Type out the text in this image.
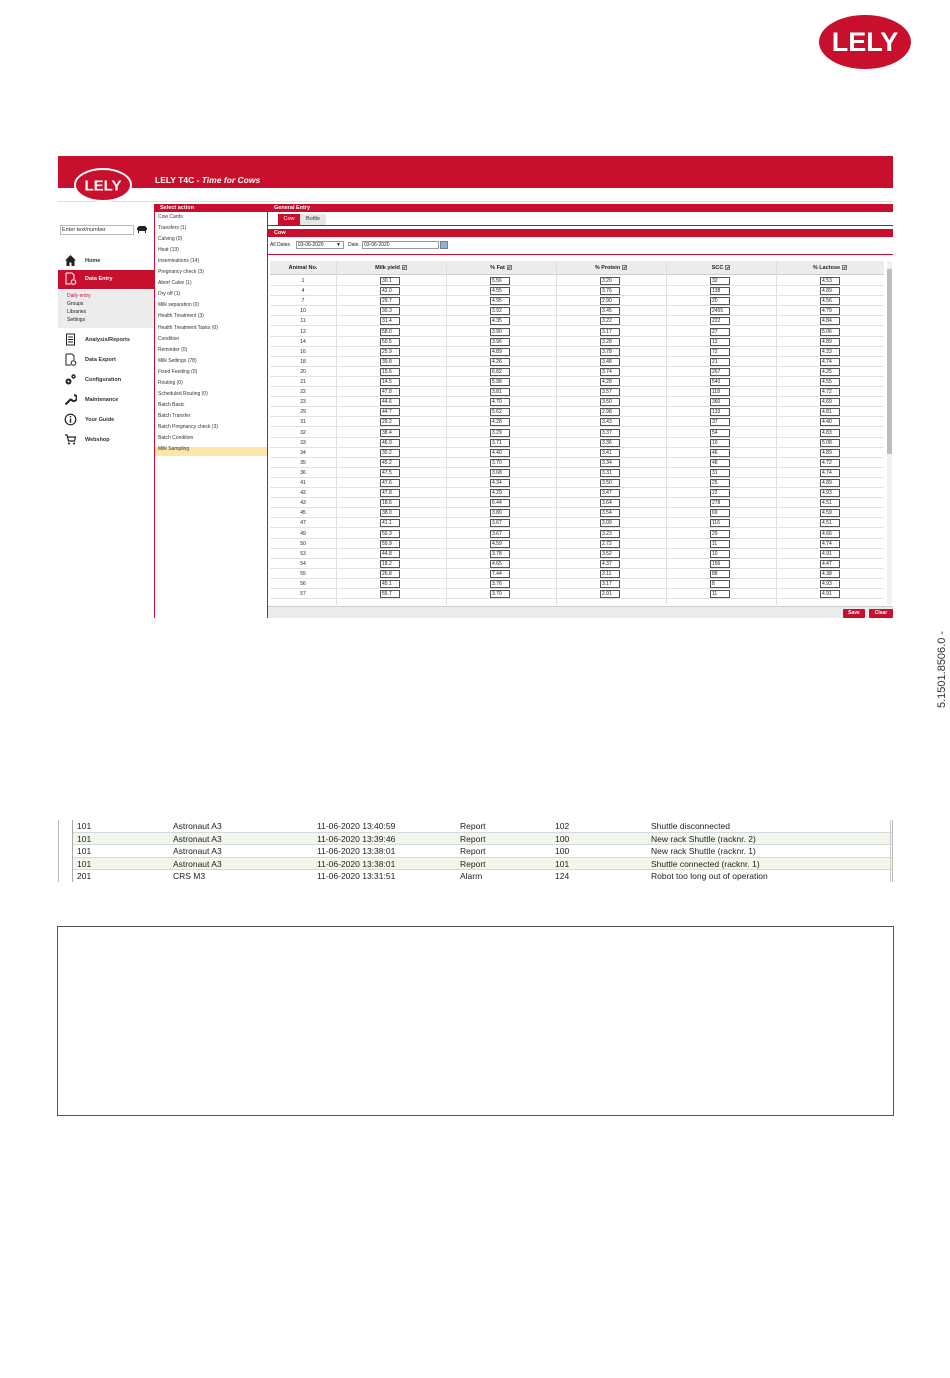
LELY
5.1501.8506.0 -
LELY	LELY T4C - Time for Cows
Enter text/number
Home
Data Entry
Daily entry
Groups
Libraries
Settings
Analysis/Reports
Data Export
Configuration
Maintenance
Your Guide
Webshop
Select action
Cow Cards
Transfers (1)
Calving (0)
Heat (13)
Inseminations (14)
Pregnancy check (3)
Abort Calve (1)
Dry off (1)
Milk separation (0)
Health Treatment (3)
Health Treatment Tasks (0)
Condition
Reminder (0)
Milk Settings (78)
Fixed Feeding (0)
Routing (0)
Scheduled Routing (0)
Batch Basic
Batch Transfer
Batch Pregnancy check (3)
Batch Condition
Milk Sampling
General Entry
Cow	Bottle
Cow
All Dates	03-06-2020 ▼ Date	03-06-2020
Animal No.	Milk yield ✔	% Fat ✔	% Protein ✔	SCC ✔	% Lactose ✔
1	30.1	5.56	3.20	32	4.53
4	42.0	4.55	3.76	138	4.89
7	29.7	4.95	2.90	20	4.56
10	30.3	3.92	3.45	2455	4.79
11	31.4	4.35	3.22	222	4.84
12	58.0	3.90	3.17	27	5.06
14	50.5	3.96	3.28	13	4.89
16	25.9	4.89	3.78	72	4.33
18	39.8	4.26	3.48	21	4.74
20	15.6	6.82	3.74	267	4.25
21	14.5	5.98	4.28	540	4.55
22	47.8	3.81	3.57	118	4.72
23	44.6	4.70	3.50	360	4.69
29	44.7	5.62	2.98	133	4.81
31	29.2	4.28	3.43	37	4.40
32	38.4	3.29	3.37	54	4.83
33	46.9	3.71	3.36	10	5.08
34	30.2	4.40	3.41	46	4.89
35	45.2	3.70	3.34	48	4.72
36	47.5	3.68	3.31	31	4.74
41	47.6	4.34	3.50	25	4.89
42	47.8	4.29	3.47	22	4.93
43	18.6	6.44	3.64	278	4.51
45	38.0	3.80	3.54	69	4.59
47	41.1	3.67	3.09	116	4.51
49	50.3	3.67	3.23	29	4.66
50	59.9	4.59	2.72	11	4.74
53	44.8	3.78	3.52	10	4.91
54	18.2	4.65	4.37	156	4.47
55	26.8	7.44	3.11	88	4.38
56	45.1	3.76	3.17	8	4.93
57	55.7	3.70	2.91	11	4.91
Save	Clear
101	Astronaut A3	11-06-2020 13:40:59	Report	102	Shuttle disconnected
101	Astronaut A3	11-06-2020 13:39:46	Report	100	New rack Shuttle (racknr. 2)
101	Astronaut A3	11-06-2020 13:38:01	Report	100	New rack Shuttle (racknr. 1)
101	Astronaut A3	11-06-2020 13:38:01	Report	101	Shuttle connected (racknr. 1)
201	CRS M3	11-06-2020 13:31:51	Alarm	124	Robot too long out of operation
